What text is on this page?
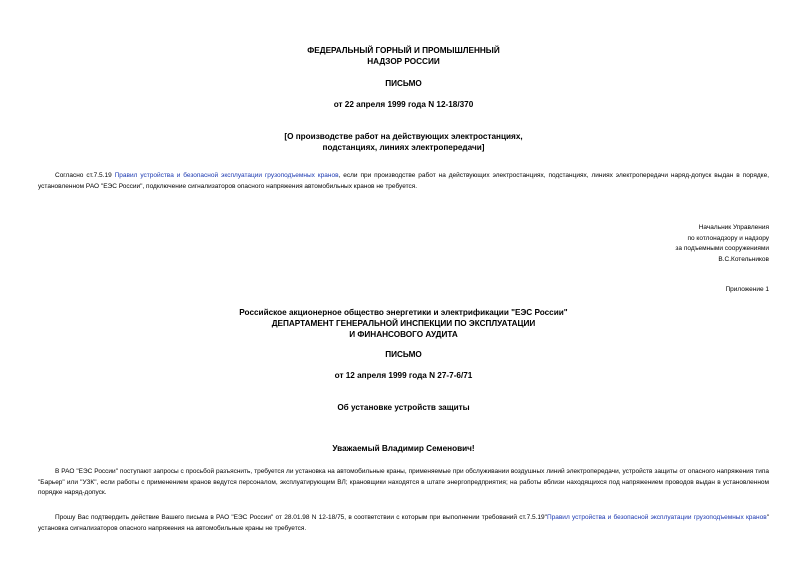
ФЕДЕРАЛЬНЫЙ ГОРНЫЙ И ПРОМЫШЛЕННЫЙ
НАДЗОР РОССИИ
ПИСЬМО
от 22 апреля 1999 года N 12-18/370
[О производстве работ на действующих электростанциях,
подстанциях, линиях электропередачи]
Согласно ст.7.5.19 Правил устройства и безопасной эксплуатации грузоподъемных кранов, если при производстве работ на действующих электростанциях, подстанциях, линиях электропередачи наряд-допуск выдан в порядке, установленном РАО "ЕЭС России", подключение сигнализаторов опасного напряжения автомобильных кранов не требуется.
Начальник Управления
по котлонадзору и надзору
за подъемными сооружениями
В.С.Котельников
Приложение 1
Российское акционерное общество энергетики и электрификации "ЕЭС России"
ДЕПАРТАМЕНТ ГЕНЕРАЛЬНОЙ ИНСПЕКЦИИ ПО ЭКСПЛУАТАЦИИ
И ФИНАНСОВОГО АУДИТА
ПИСЬМО
от 12 апреля 1999 года N 27-7-6/71
Об установке устройств защиты
Уважаемый Владимир Семенович!
В РАО "ЕЭС России" поступают запросы с просьбой разъяснить, требуется ли установка на автомобильные краны, применяемые при обслуживании воздушных линий электропередачи, устройств защиты от опасного напряжения типа "Барьер" или "УЗК", если работы с применением кранов ведутся персоналом, эксплуатирующим ВЛ; крановщики находятся в штате энергопредприятия; на работы вблизи находящихся под напряжением проводов выдан в установленном порядке наряд-допуск.
Прошу Вас подтвердить действие Вашего письма в РАО "ЕЭС России" от 28.01.98 N 12-18/75, в соответствии с которым при выполнении требований ст.7.5.19"Правил устройства и безопасной эксплуатации грузоподъемных кранов" установка сигнализаторов опасного напряжения на автомобильные краны не требуется.
